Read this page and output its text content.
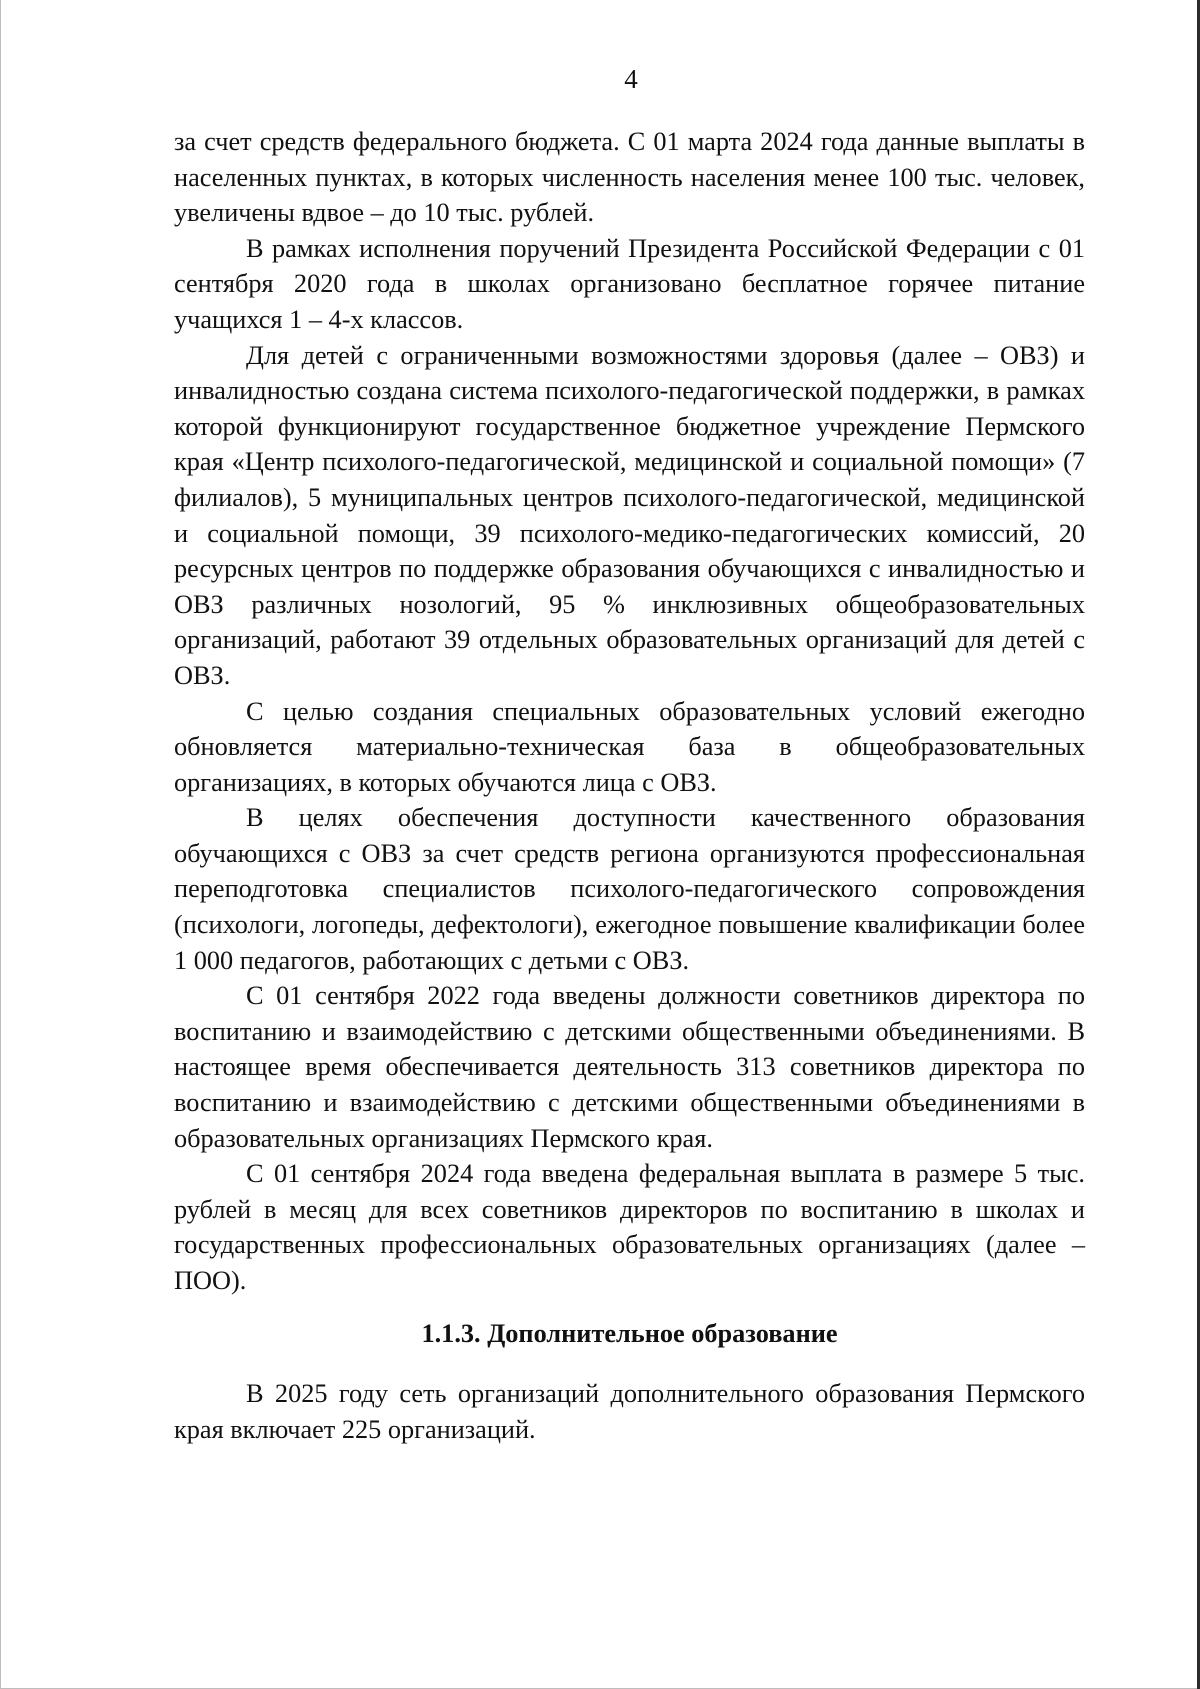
4

за счет средств федерального бюджета. С 01 марта 2024 года данные выплаты в населенных пунктах, в которых численность населения менее 100 тыс. человек, увеличены вдвое – до 10 тыс. рублей.

В рамках исполнения поручений Президента Российской Федерации с 01 сентября 2020 года в школах организовано бесплатное горячее питание учащихся 1 – 4-х классов.

Для детей с ограниченными возможностями здоровья (далее – ОВЗ) и инвалидностью создана система психолого-педагогической поддержки, в рамках которой функционируют государственное бюджетное учреждение Пермского края «Центр психолого-педагогической, медицинской и социальной помощи» (7 филиалов), 5 муниципальных центров психолого-педагогической, медицинской и социальной помощи, 39 психолого-медико-педагогических комиссий, 20 ресурсных центров по поддержке образования обучающихся с инвалидностью и ОВЗ различных нозологий, 95 % инклюзивных общеобразовательных организаций, работают 39 отдельных образовательных организаций для детей с ОВЗ.

С целью создания специальных образовательных условий ежегодно обновляется материально-техническая база в общеобразовательных организациях, в которых обучаются лица с ОВЗ.

В целях обеспечения доступности качественного образования обучающихся с ОВЗ за счет средств региона организуются профессиональная переподготовка специалистов психолого-педагогического сопровождения (психологи, логопеды, дефектологи), ежегодное повышение квалификации более 1 000 педагогов, работающих с детьми с ОВЗ.

С 01 сентября 2022 года введены должности советников директора по воспитанию и взаимодействию с детскими общественными объединениями. В настоящее время обеспечивается деятельность 313 советников директора по воспитанию и взаимодействию с детскими общественными объединениями в образовательных организациях Пермского края.

С 01 сентября 2024 года введена федеральная выплата в размере 5 тыс. рублей в месяц для всех советников директоров по воспитанию в школах и государственных профессиональных образовательных организациях (далее – ПОО).

1.1.3. Дополнительное образование

В 2025 году сеть организаций дополнительного образования Пермского края включает 225 организаций.
